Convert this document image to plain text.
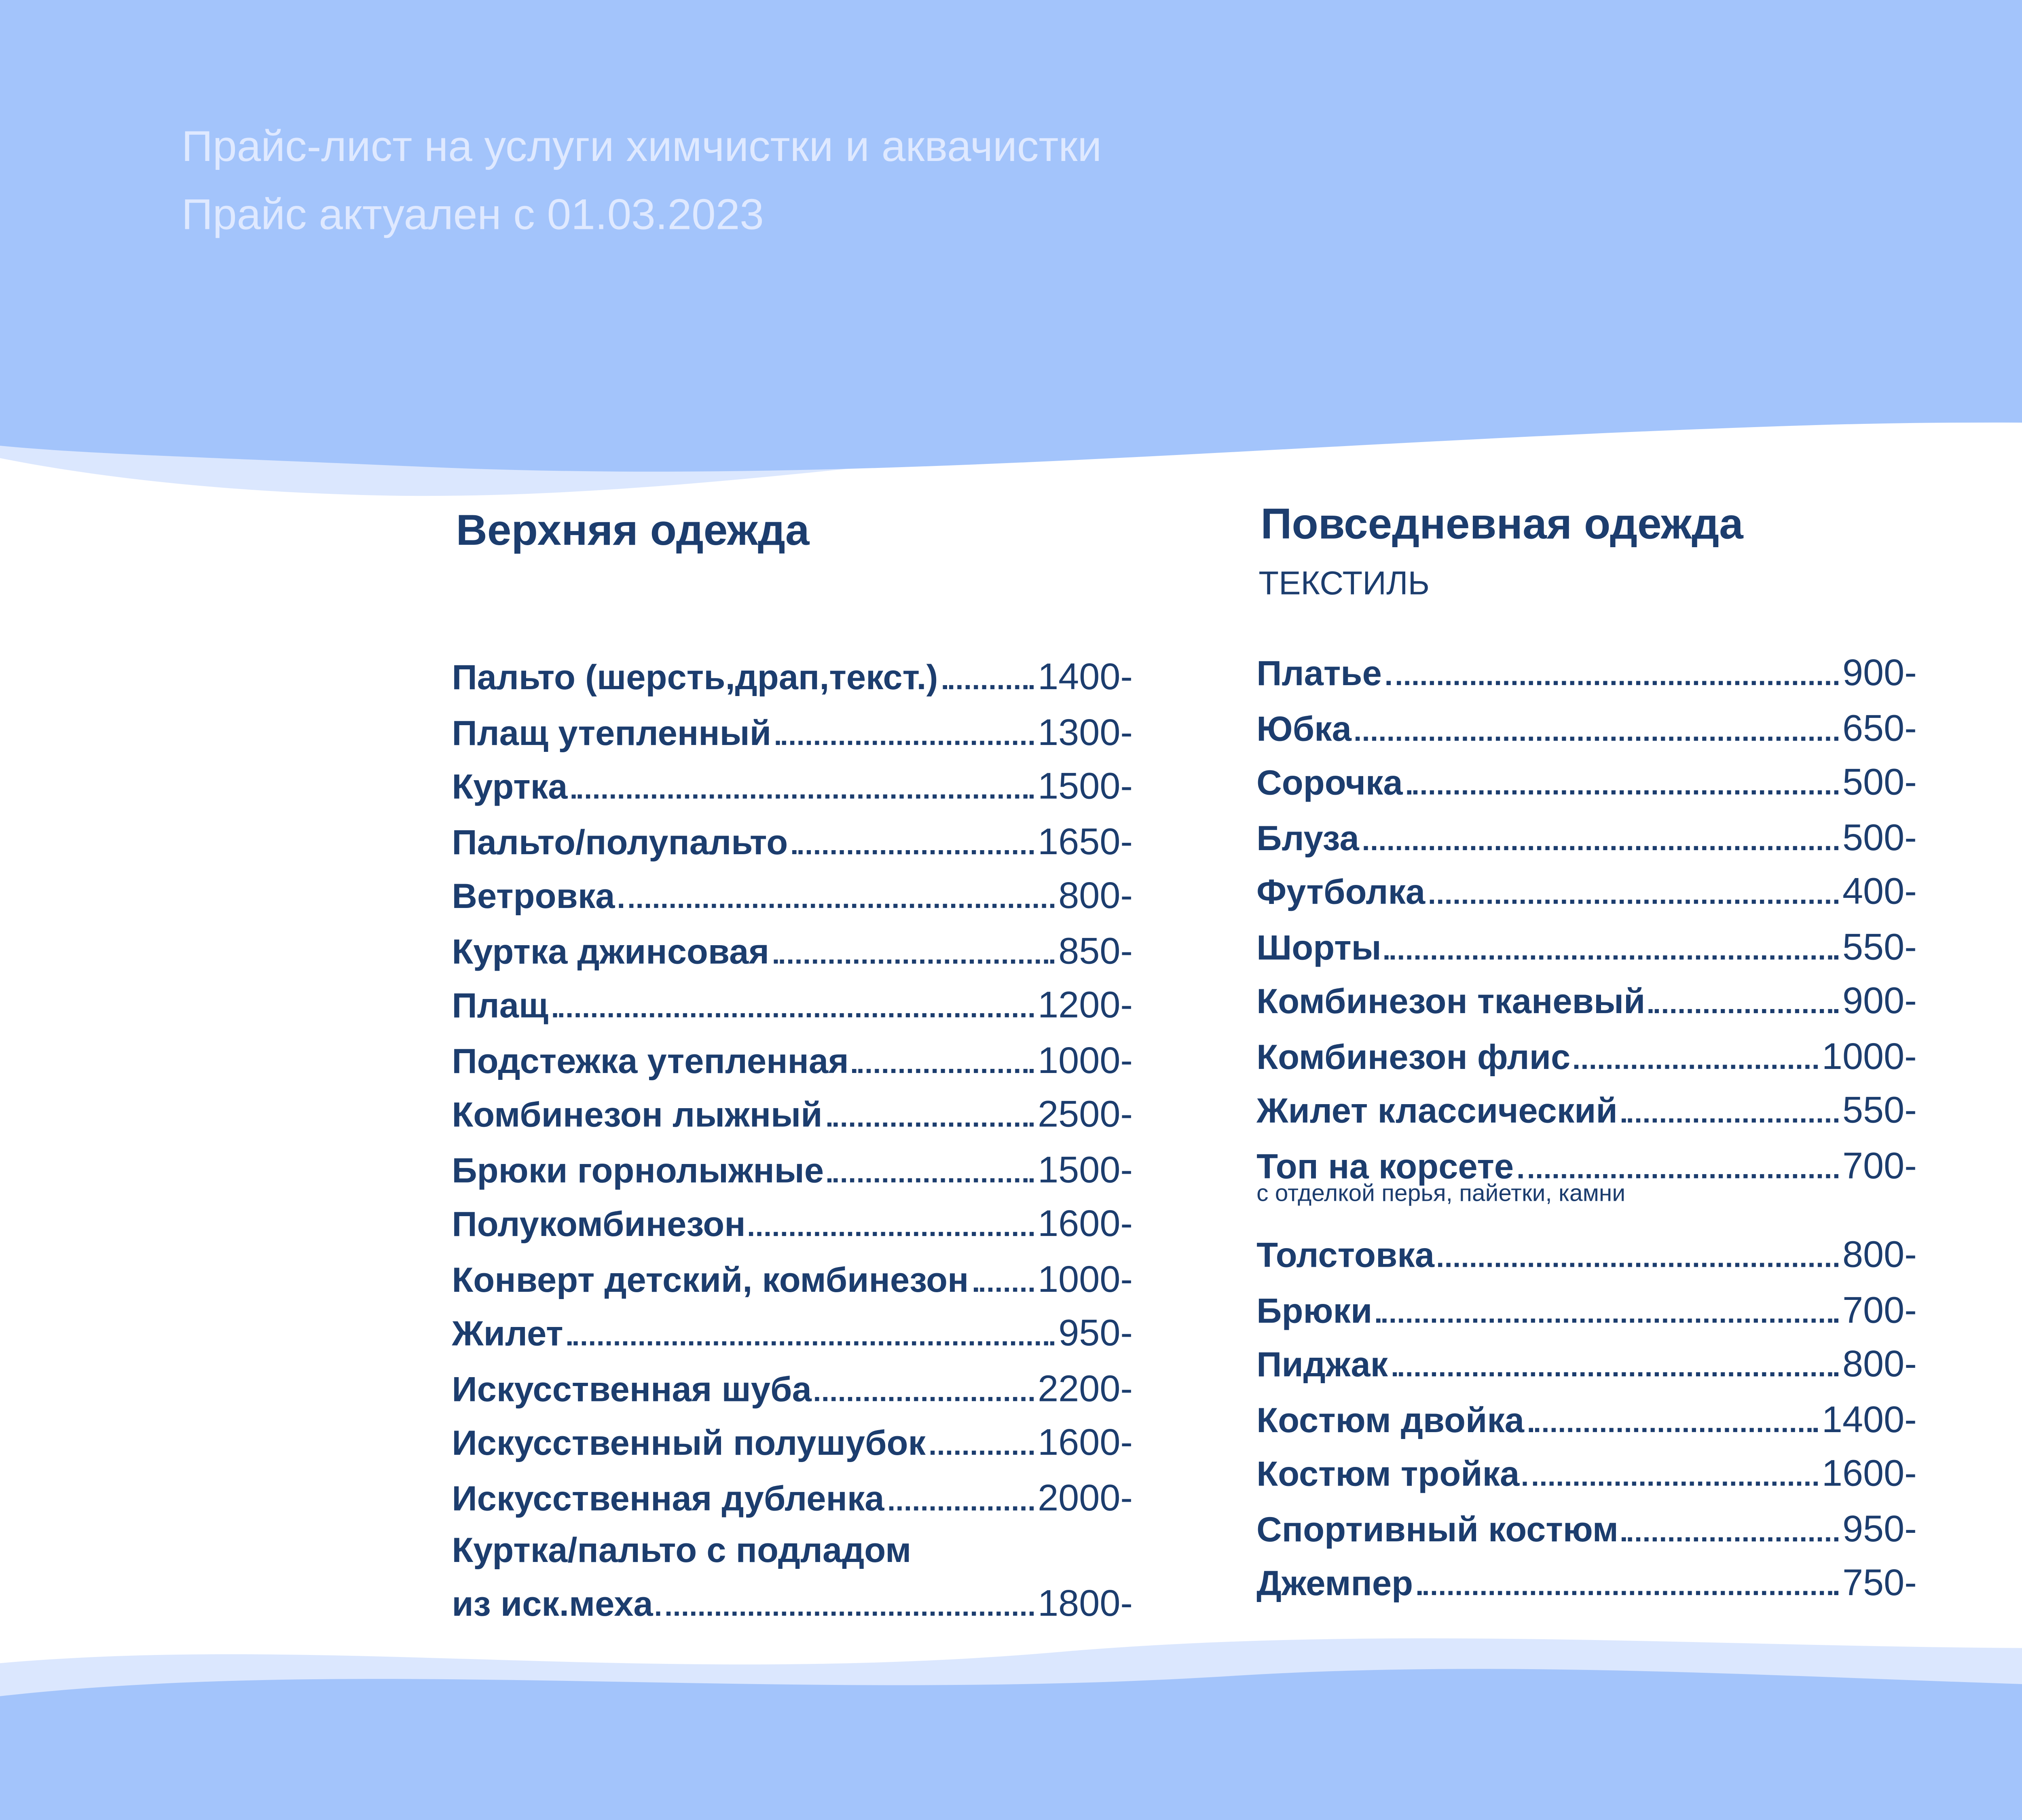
Прайс-лист на услуги химчистки и аквачистки
Прайс актуален с 01.03.2023
Верхняя одежда	Повседневная одежда
ТЕКСТИЛЬ
Пальто (шерсть,драп,текст.)	1400-
Плащ утепленный	1300-
Куртка	1500-
Пальто/полупальто	1650-
Ветровка	800-
Куртка джинсовая	850-
Плащ	1200-
Подстежка утепленная	1000-
Комбинезон лыжный	2500-
Брюки горнолыжные	1500-
Полукомбинезон	1600-
Конверт детский, комбинезон	1000-
Жилет	950-
Искусственная шуба	2200-
Искусственный полушубок	1600-
Искусственная дубленка	2000-
Платье	900-
Юбка	650-
Сорочка	500-
Блуза	500-
Футболка	400-
Шорты	550-
Комбинезон тканевый	900-
Комбинезон флис	1000-
Жилет классический	550-
Топ на корсете	700-
Толстовка	800-
Брюки	700-
Пиджак	800-
Костюм двойка	1400-
Костюм тройка	1600-
Спортивный костюм	950-
Джемпер	750-
Куртка/пальто с подладом
из иск.меха	1800-
с отделкой перья, пайетки, камни
